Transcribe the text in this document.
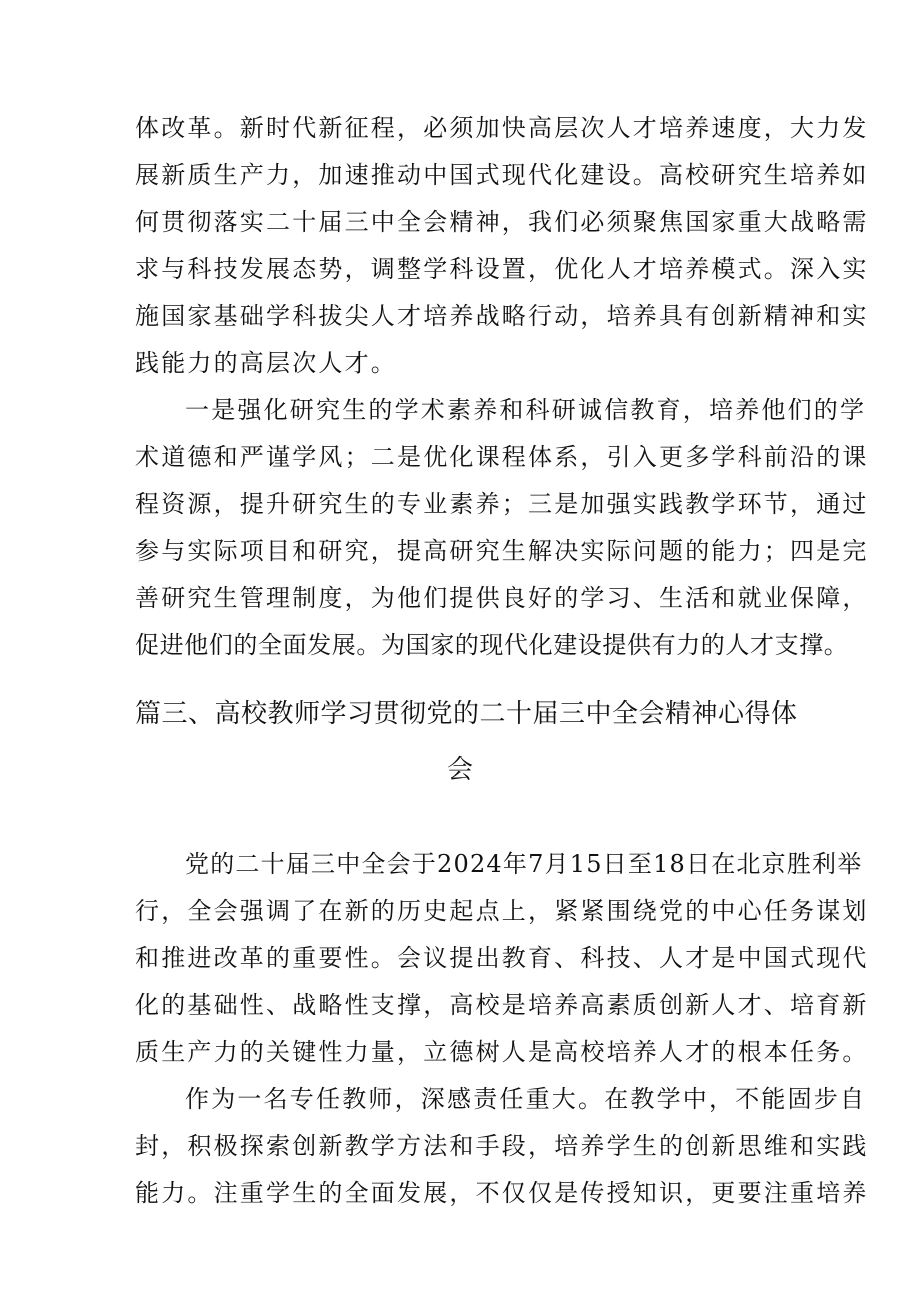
体改革。新时代新征程，必须加快高层次人才培养速度，大力发
展新质生产力，加速推动中国式现代化建设。高校研究生培养如
何贯彻落实二十届三中全会精神，我们必须聚焦国家重大战略需
求与科技发展态势，调整学科设置，优化人才培养模式。深入实
施国家基础学科拔尖人才培养战略行动，培养具有创新精神和实
践能力的高层次人才。
一是强化研究生的学术素养和科研诚信教育，培养他们的学
术道德和严谨学风；二是优化课程体系，引入更多学科前沿的课
程资源，提升研究生的专业素养；三是加强实践教学环节，通过
参与实际项目和研究，提高研究生解决实际问题的能力；四是完
善研究生管理制度，为他们提供良好的学习、生活和就业保障，
促进他们的全面发展。为国家的现代化建设提供有力的人才支撑。
篇三、高校教师学习贯彻党的二十届三中全会精神心得体
会
党的二十届三中全会于2024年7月15日至18日在北京胜利举
行，全会强调了在新的历史起点上，紧紧围绕党的中心任务谋划
和推进改革的重要性。会议提出教育、科技、人才是中国式现代
化的基础性、战略性支撑，高校是培养高素质创新人才、培育新
质生产力的关键性力量，立德树人是高校培养人才的根本任务。
作为一名专任教师，深感责任重大。在教学中，不能固步自
封，积极探索创新教学方法和手段，培养学生的创新思维和实践
能力。注重学生的全面发展，不仅仅是传授知识，更要注重培养
